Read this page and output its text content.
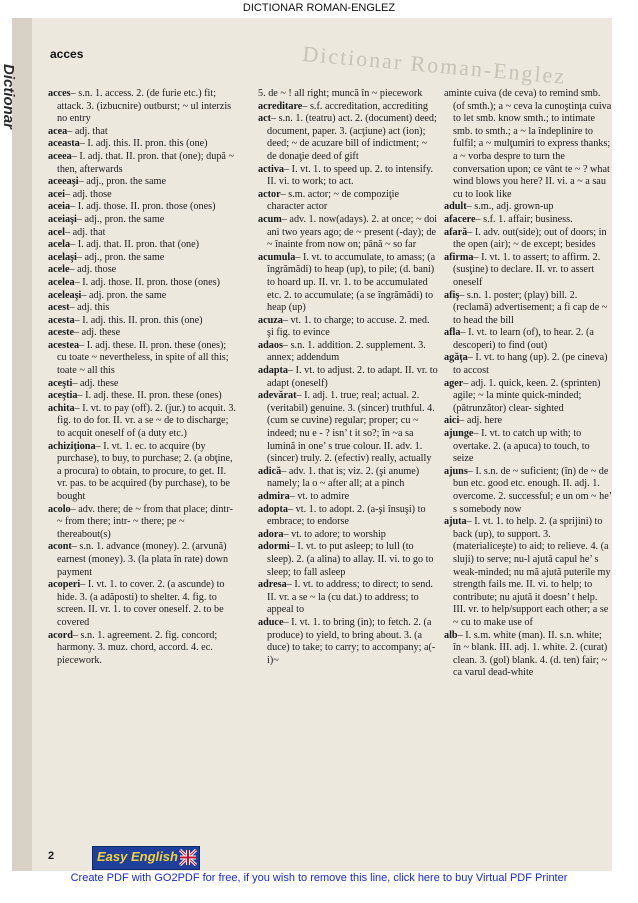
DICTIONAR ROMAN-ENGLEZ
Dictionar	Dictionar Roman-Englez
acces

acces– s.n. 1. access. 2. (de furie etc.) fit; attack. 3. (izbucnire) outburst; ~ ul interzis no entry

acea– adj. that

aceasta– I. adj. this. II. pron. this (one)

aceea– I. adj. that. II. pron. that (one); după ~ then, afterwards

aceeaşi– adj., pron. the same

acei– adj. those

aceia– I. adj. those. II. pron. those (ones)

aceiaşi– adj., pron. the same

acel– adj. that

acela– I. adj. that. II. pron. that (one)

acelaşi– adj., pron. the same

acele– adj. those

acelea– I. adj. those. II. pron. those (ones)

aceleaşi– adj. pron. the same

acest– adj. this

acesta– I. adj. this. II. pron. this (one)

aceste– adj. these

acestea– I. adj. these. II. pron. these (ones); cu toate ~ nevertheless, in spite of all this; toate ~ all this

aceşti– adj. these

aceştia– I. adj. these. II. pron. these (ones)

achita– I. vt. to pay (off). 2. (jur.) to acquit. 3. fig. to do for. II. vr. a se ~ de to discharge; to acquit oneself of (a duty etc.)

achiziţiona– I. vt. 1. ec. to acquire (by purchase), to buy, to purchase; 2. (a obţine, a procura) to obtain, to procure, to get. II. vr. pas. to be acquired (by purchase), to be bought

acolo– adv. there; de ~ from that place; dintr- ~ from there; intr- ~ there; pe ~ thereabout(s)

acont– s.n. 1. advance (money). 2. (arvună) earnest (money). 3. (la plata în rate) down payment

acoperi– I. vt. 1. to cover. 2. (a ascunde) to hide. 3. (a adăposti) to shelter. 4. fig. to screen. II. vr. 1. to cover oneself. 2. to be covered

acord– s.n. 1. agreement. 2. fig. concord; harmony. 3. muz. chord, accord. 4. ec. piecework.

5. de ~ ! all right; muncă în ~ piecework

acreditare– s.f. accreditation, accrediting

act– s.n. 1. (teatru) act. 2. (document) deed; document, paper. 3. (acţiune) act (ion); deed; ~ de acuzare bill of indictment; ~ de donaţie deed of gift

activa– I. vt. 1. to speed up. 2. to intensify. II. vi. to work; to act.

actor– s.m. actor; ~ de compoziţie character actor

acum– adv. 1. now(adays). 2. at once; ~ doi ani two years ago; de ~ present (-day); de ~ înainte from now on; până ~ so far

acumula– I. vt. to accumulate, to amass; (a îngrămădi) to heap (up), to pile; (d. bani) to hoard up. II. vr. 1. to be accumulated etc. 2. to accumulate; (a se îngrămădi) to heap (up)

acuza– vt. 1. to charge; to accuse. 2. med. şi fig. to evince

adaos– s.n. 1. addition. 2. supplement. 3. annex; addendum

adapta– I. vt. to adjust. 2. to adapt. II. vr. to adapt (oneself)

adevărat– I. adj. 1. true; real; actual. 2. (veritabil) genuine. 3. (sincer) truthful. 4. (cum se cuvine) regular; proper; cu ~ indeed; nu e - ? isn’ t it so?; în ~a sa lumină in one’ s true colour. II. adv. 1. (sincer) truly. 2. (efectiv) really, actually

adică– adv. 1. that is; viz. 2. (şi anume) namely; la o ~ after all; at a pinch

admira– vt. to admire

adopta– vt. 1. to adopt. 2. (a-şi însuşi) to embrace; to endorse

adora– vt. to adore; to worship

adormi– I. vt. to put asleep; to lull (to sleep). 2. (a alina) to allay. II. vi. to go to sleep; to fall asleep

adresa– I. vt. to address; to direct; to send. II. vr. a se ~ la (cu dat.) to address; to appeal to

aduce– I. vt. 1. to bring (in); to fetch. 2. (a produce) to yield, to bring about. 3. (a duce) to take; to carry; to accompany; a(-i)~

aminte cuiva (de ceva) to remind smb. (of smth.); a ~ ceva la cunoştinţa cuiva to let smb. know smth.; to intimate smb. to smth.; a ~ la îndeplinire to fulfil; a ~ mulţumiri to express thanks; a ~ vorba despre to turn the conversation upon; ce vânt te ~ ? what wind blows you here? II. vi. a ~ a sau cu to look like

adult– s.m., adj. grown-up

afacere– s.f. 1. affair; business.

afară– I. adv. out(side); out of doors; in the open (air); ~ de except; besides

afirma– I. vt. 1. to assert; to affirm. 2. (susţine) to declare. II. vr. to assert oneself

afiş– s.n. 1. poster; (play) bill. 2. (reclamă) advertisement; a fi cap de ~ to head the bill

afla– I. vt. to learn (of), to hear. 2. (a descoperi) to find (out)

agăţa– I. vt. to hang (up). 2. (pe cineva) to accost

ager– adj. 1. quick, keen. 2. (sprinten) agile; ~ la minte quick-minded; (pătrunzător) clear- sighted

aici– adj. here

ajunge– I. vt. to catch up with; to overtake. 2. (a apuca) to touch, to seize

ajuns– I. s.n. de ~ suficient; (în) de ~ de bun etc. good etc. enough. II. adj. 1. overcome. 2. successful; e un om ~ he’ s somebody now

ajuta– I. vt. 1. to help. 2. (a sprijini) to back (up), to support. 3. (materialiceşte) to aid; to relieve. 4. (a sluji) to serve; nu-l ajută capul he’ s weak-minded; nu mă ajută puterile my strength fails me. II. vi. to help; to contribute; nu ajută it doesn’ t help. III. vr. to help/support each other; a se ~ cu to make use of

alb– I. s.m. white (man). II. s.n. white; în ~ blank. III. adj. 1. white. 2. (curat) clean. 3. (gol) blank. 4. (d. ten) fair; ~ ca varul dead-white

2	Easy English
Create PDF with GO2PDF for free, if you wish to remove this line, click here to buy Virtual PDF Printer
